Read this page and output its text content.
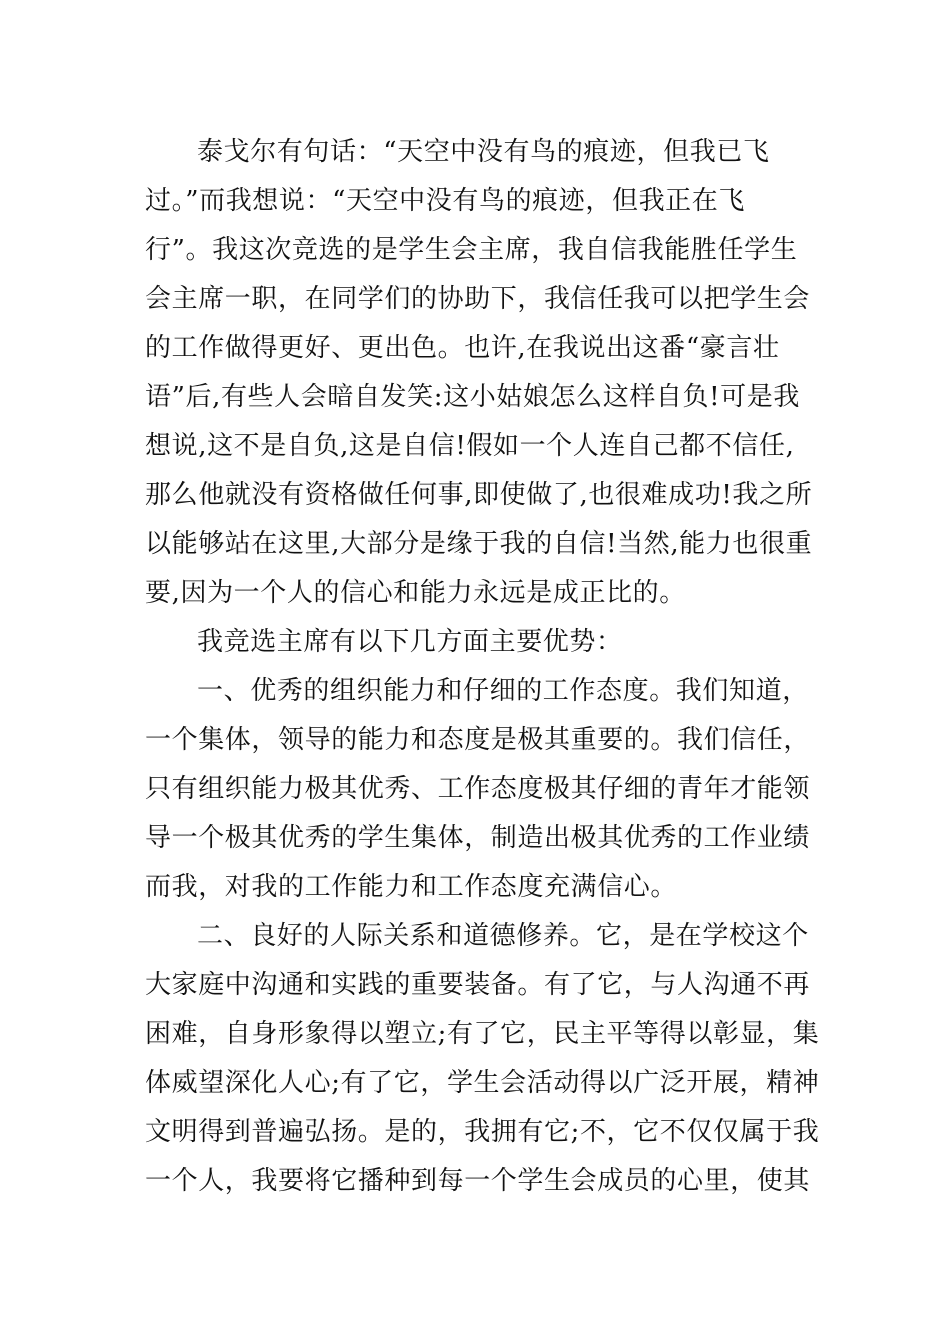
泰戈尔有句话：“天空中没有鸟的痕迹，但我已飞
过。”而我想说：“天空中没有鸟的痕迹，但我正在飞
行”。我这次竞选的是学生会主席，我自信我能胜任学生
会主席一职，在同学们的协助下，我信任我可以把学生会
的工作做得更好、更出色。也许,在我说出这番“豪言壮
语”后,有些人会暗自发笑:这小姑娘怎么这样自负!可是我
想说,这不是自负,这是自信!假如一个人连自己都不信任,
那么他就没有资格做任何事,即使做了,也很难成功!我之所
以能够站在这里,大部分是缘于我的自信!当然,能力也很重
要,因为一个人的信心和能力永远是成正比的。
我竞选主席有以下几方面主要优势：
一、优秀的组织能力和仔细的工作态度。我们知道，
一个集体，领导的能力和态度是极其重要的。我们信任，
只有组织能力极其优秀、工作态度极其仔细的青年才能领
导一个极其优秀的学生集体，制造出极其优秀的工作业绩
而我，对我的工作能力和工作态度充满信心。
二、良好的人际关系和道德修养。它，是在学校这个
大家庭中沟通和实践的重要装备。有了它，与人沟通不再
困难，自身形象得以塑立;有了它，民主平等得以彰显，集
体威望深化人心;有了它，学生会活动得以广泛开展，精神
文明得到普遍弘扬。是的，我拥有它;不，它不仅仅属于我
一个人，我要将它播种到每一个学生会成员的心里，使其
